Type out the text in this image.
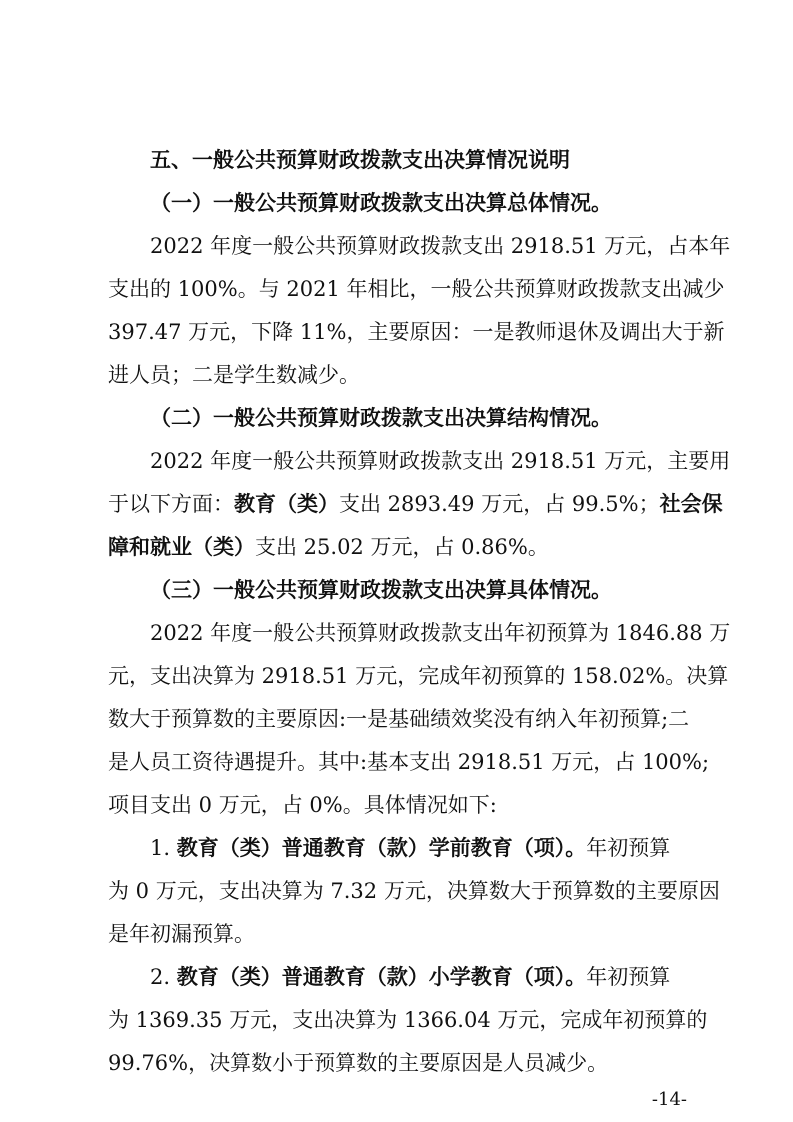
五、一般公共预算财政拨款支出决算情况说明
（一）一般公共预算财政拨款支出决算总体情况。
2022 年度一般公共预算财政拨款支出 2918.51 万元，占本年
支出的 100%。与 2021 年相比，一般公共预算财政拨款支出减少
397.47 万元，下降 11%，主要原因：一是教师退休及调出大于新
进人员；二是学生数减少。
（二）一般公共预算财政拨款支出决算结构情况。
2022 年度一般公共预算财政拨款支出 2918.51 万元，主要用
于以下方面：教育（类）支出 2893.49 万元，占 99.5%；社会保
障和就业（类）支出 25.02 万元，占 0.86%。
（三）一般公共预算财政拨款支出决算具体情况。
2022 年度一般公共预算财政拨款支出年初预算为 1846.88 万
元，支出决算为 2918.51 万元，完成年初预算的 158.02%。决算
数大于预算数的主要原因:一是基础绩效奖没有纳入年初预算;二
是人员工资待遇提升。其中:基本支出 2918.51 万元，占 100%;
项目支出 0 万元，占 0%。具体情况如下:
1. 教育（类）普通教育（款）学前教育（项）。年初预算
为 0 万元，支出决算为 7.32 万元，决算数大于预算数的主要原因
是年初漏预算。
2. 教育（类）普通教育（款）小学教育（项）。年初预算
为 1369.35 万元，支出决算为 1366.04 万元，完成年初预算的
99.76%，决算数小于预算数的主要原因是人员减少。
-14-
